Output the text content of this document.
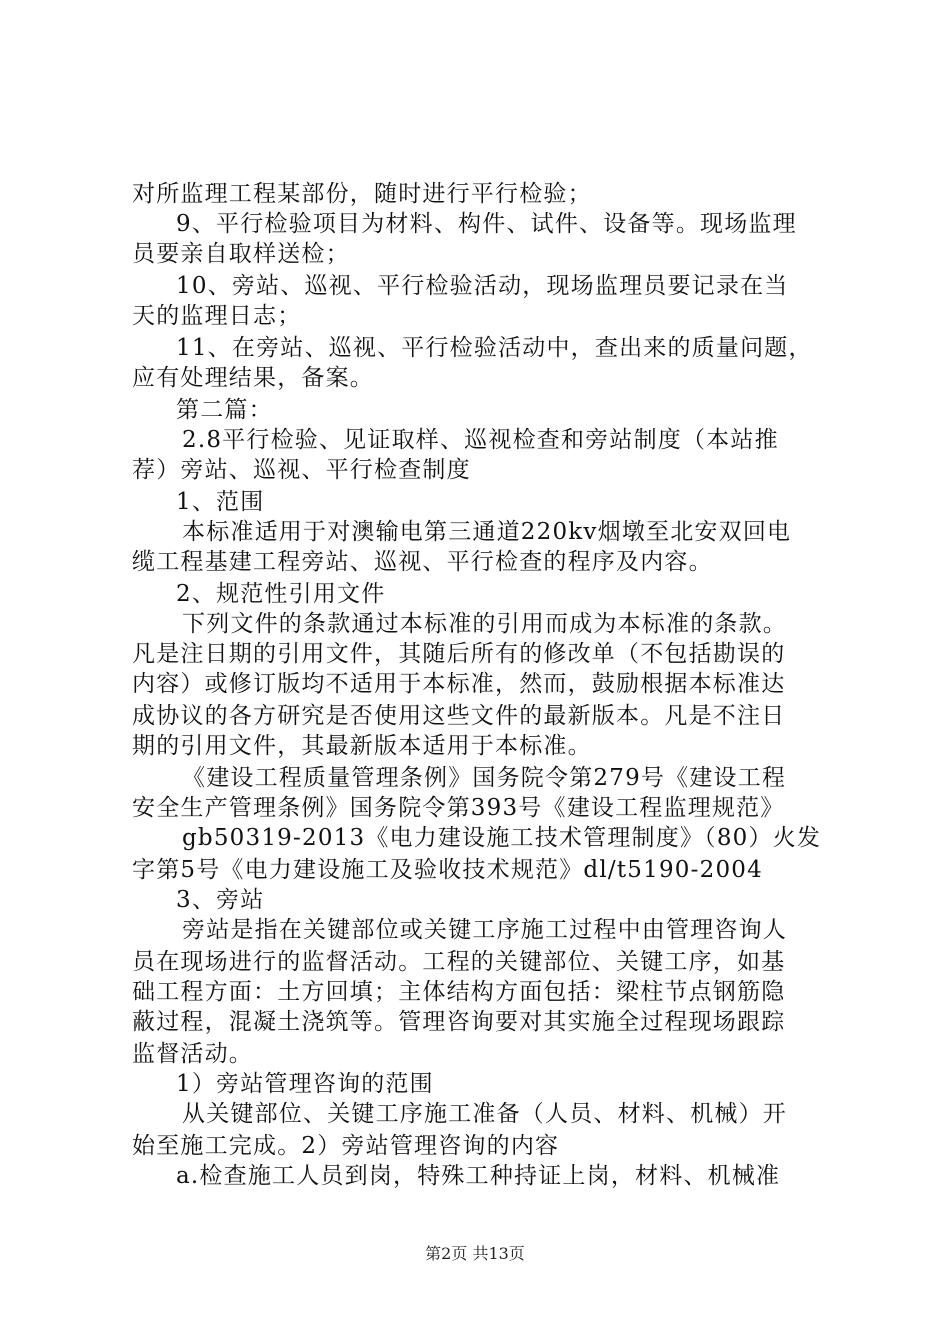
对所监理工程某部份，随时进行平行检验；
9、平行检验项目为材料、构件、试件、设备等。现场监理
员要亲自取样送检；
10、旁站、巡视、平行检验活动，现场监理员要记录在当
天的监理日志；
11、在旁站、巡视、平行检验活动中，查出来的质量问题，
应有处理结果，备案。
第二篇：
2.8平行检验、见证取样、巡视检查和旁站制度（本站推
荐）旁站、巡视、平行检查制度
1、范围
本标准适用于对澳输电第三通道220kv烟墩至北安双回电
缆工程基建工程旁站、巡视、平行检查的程序及内容。
2、规范性引用文件
下列文件的条款通过本标准的引用而成为本标准的条款。
凡是注日期的引用文件，其随后所有的修改单（不包括勘误的
内容）或修订版均不适用于本标准，然而，鼓励根据本标准达
成协议的各方研究是否使用这些文件的最新版本。凡是不注日
期的引用文件，其最新版本适用于本标准。
《建设工程质量管理条例》国务院令第279号《建设工程
安全生产管理条例》国务院令第393号《建设工程监理规范》
gb50319-2013《电力建设施工技术管理制度》（80）火发
字第5号《电力建设施工及验收技术规范》dl/t5190-2004
3、旁站
旁站是指在关键部位或关键工序施工过程中由管理咨询人
员在现场进行的监督活动。工程的关键部位、关键工序，如基
础工程方面：土方回填；主体结构方面包括：梁柱节点钢筋隐
蔽过程，混凝土浇筑等。管理咨询要对其实施全过程现场跟踪
监督活动。
1）旁站管理咨询的范围
从关键部位、关键工序施工准备（人员、材料、机械）开
始至施工完成。2）旁站管理咨询的内容
a.检查施工人员到岗，特殊工种持证上岗，材料、机械准
第2页 共13页
